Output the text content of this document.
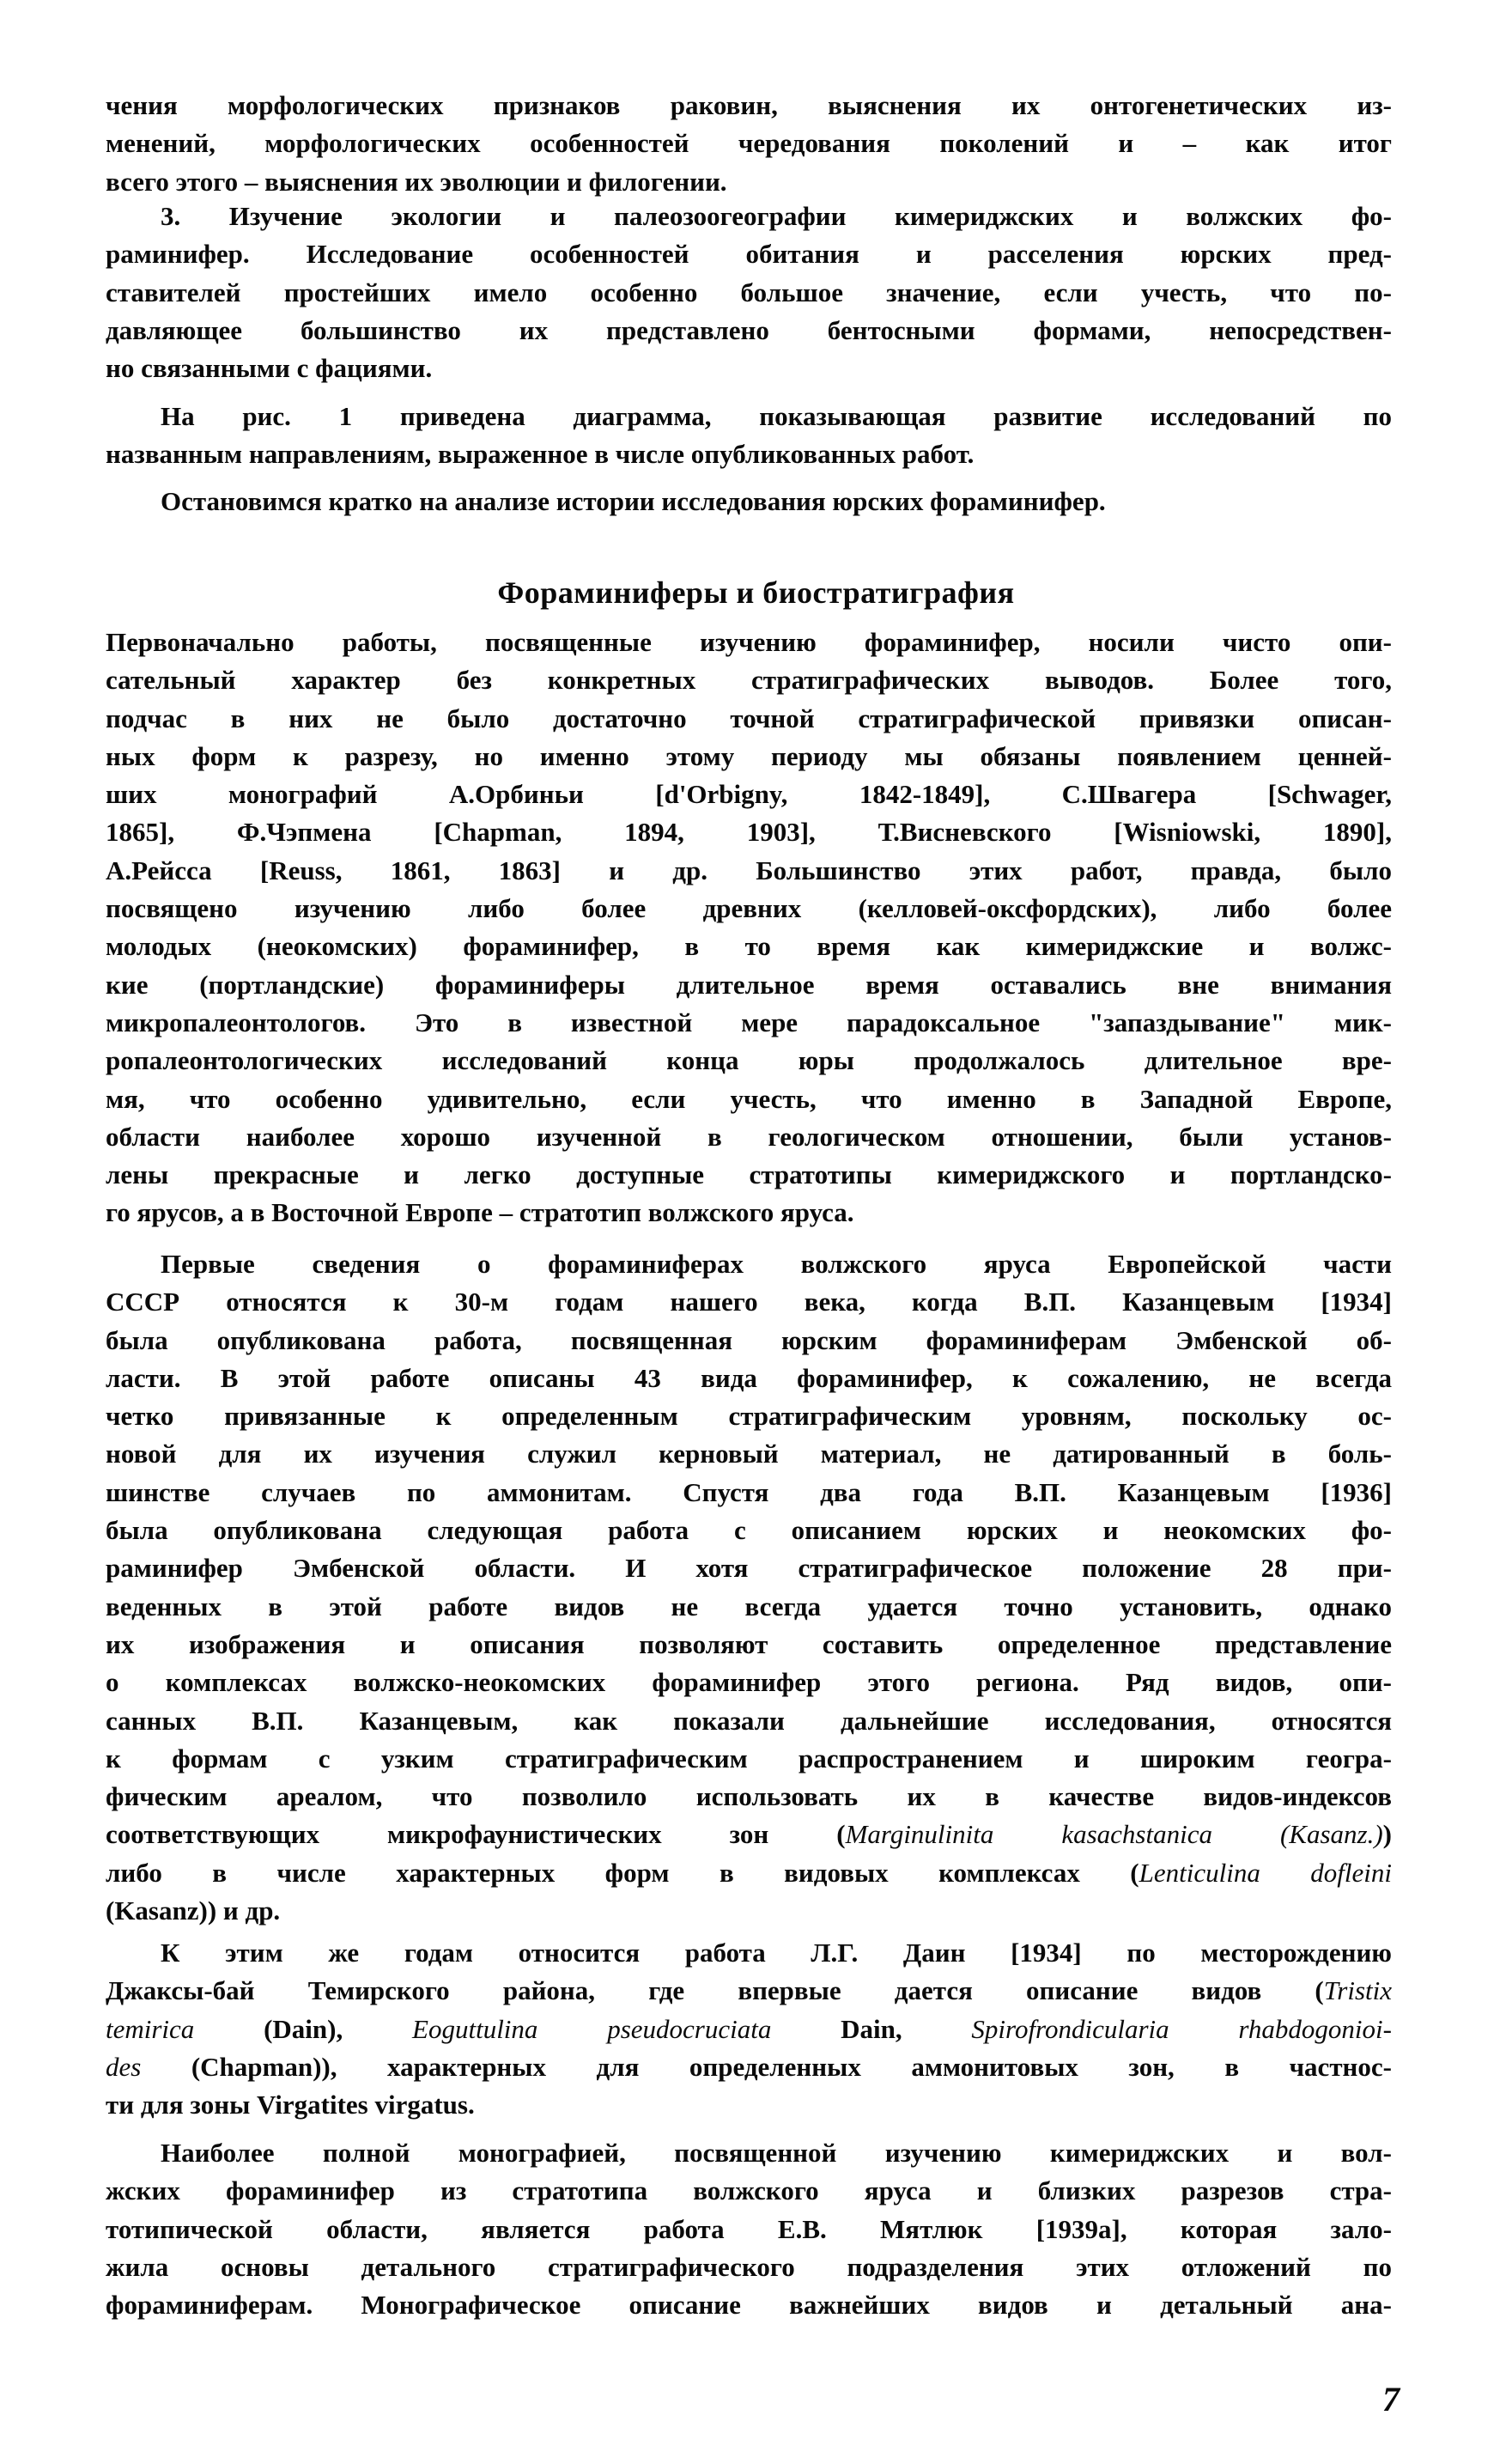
чения морфологических признаков раковин, выяснения их онтогенетических из-
менений, морфологических особенностей чередования поколений и – как итог
всего этого – выяснения их эволюции и филогении.
3. Изучение экологии и палеозоогеографии кимериджских и волжских фо-
раминифер. Исследование особенностей обитания и расселения юрских пред-
ставителей простейших имело особенно большое значение, если учесть, что по-
давляющее большинство их представлено бентосными формами, непосредствен-
но связанными с фациями.
На рис. 1 приведена диаграмма, показывающая развитие исследований по
названным направлениям, выраженное в числе опубликованных работ.
Остановимся кратко на анализе истории исследования юрских фораминифер.
Фораминиферы и биостратиграфия
Первоначально работы, посвященные изучению фораминифер, носили чисто опи-
сательный характер без конкретных стратиграфических выводов. Более того,
подчас в них не было достаточно точной стратиграфической привязки описан-
ных форм к разрезу, но именно этому периоду мы обязаны появлением ценней-
ших монографий А.Орбиньи [d'Orbigny, 1842-1849], С.Швагера [Schwager,
1865], Ф.Чэпмена [Chapman, 1894, 1903], Т.Висневского [Wisniowski, 1890],
А.Рейсса [Reuss, 1861, 1863] и др. Большинство этих работ, правда, было
посвящено изучению либо более древних (келловей-оксфордских), либо более
молодых (неокомских) фораминифер, в то время как кимериджские и волжс-
кие (портландские) фораминиферы длительное время оставались вне внимания
микропалеонтологов. Это в известной мере парадоксальное "запаздывание" мик-
ропалеонтологических исследований конца юры продолжалось длительное вре-
мя, что особенно удивительно, если учесть, что именно в Западной Европе,
области наиболее хорошо изученной в геологическом отношении, были установ-
лены прекрасные и легко доступные стратотипы кимериджского и портландско-
го ярусов, а в Восточной Европе – стратотип волжского яруса.
Первые сведения о фораминиферах волжского яруса Европейской части
СССР относятся к 30-м годам нашего века, когда В.П. Казанцевым [1934]
была опубликована работа, посвященная юрским фораминиферам Эмбенской об-
ласти. В этой работе описаны 43 вида фораминифер, к сожалению, не всегда
четко привязанные к определенным стратиграфическим уровням, поскольку ос-
новой для их изучения служил керновый материал, не датированный в боль-
шинстве случаев по аммонитам. Спустя два года В.П. Казанцевым [1936]
была опубликована следующая работа с описанием юрских и неокомских фо-
раминифер Эмбенской области. И хотя стратиграфическое положение 28 при-
веденных в этой работе видов не всегда удается точно установить, однако
их изображения и описания позволяют составить определенное представление
о комплексах волжско-неокомских фораминифер этого региона. Ряд видов, опи-
санных В.П. Казанцевым, как показали дальнейшие исследования, относятся
к формам с узким стратиграфическим распространением и широким геогра-
фическим ареалом, что позволило использовать их в качестве видов-индексов
соответствующих микрофаунистических зон (Marginulinita kasachstanica (Kasanz.))
либо в числе характерных форм в видовых комплексах (Lenticulina dofleini
(Kasanz)) и др.
К этим же годам относится работа Л.Г. Даин [1934] по месторождению
Джаксы-бай Темирского района, где впервые дается описание видов (Tristix
temirica (Dain), Eoguttulina pseudocruciata Dain, Spirofrondicularia rhabdogonioi-
des (Chapman)), характерных для определенных аммонитовых зон, в частнос-
ти для зоны Virgatites virgatus.
Наиболее полной монографией, посвященной изучению кимериджских и вол-
жских фораминифер из стратотипа волжского яруса и близких разрезов стра-
тотипической области, является работа Е.В. Мятлюк [1939а], которая зало-
жила основы детального стратиграфического подразделения этих отложений по
фораминиферам. Монографическое описание важнейших видов и детальный ана-
7
